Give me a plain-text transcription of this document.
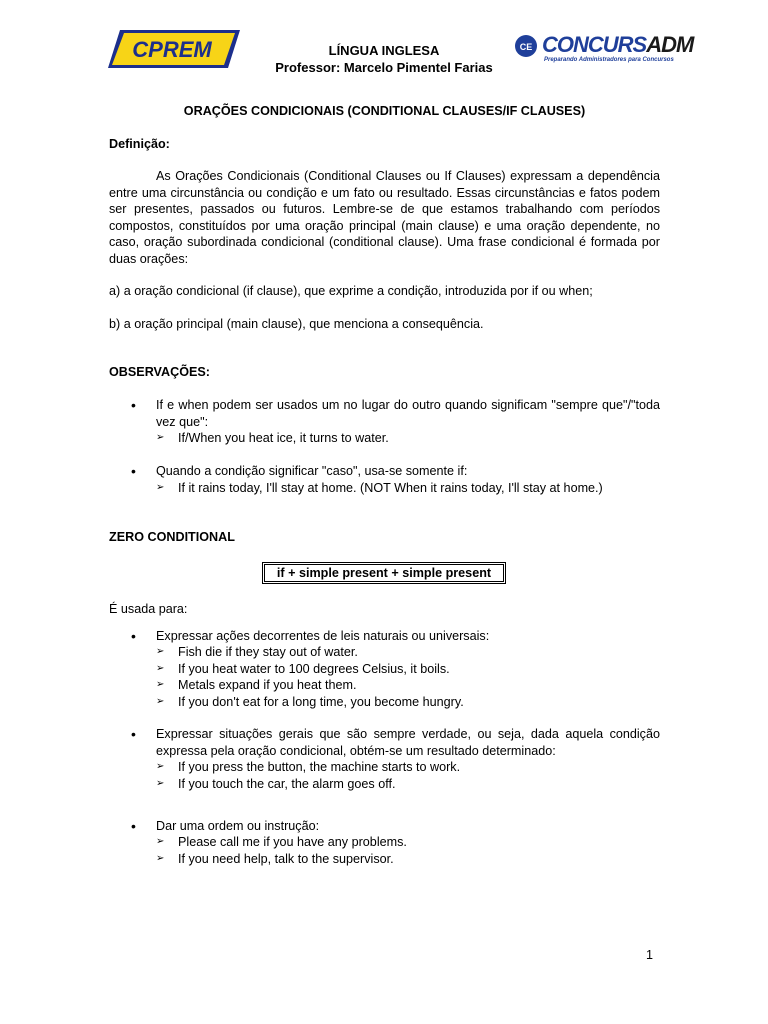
CPREM	LÍNGUA INGLESA
Professor: Marcelo Pimentel Farias
CE CONCURSADM
Preparando Administradores para Concursos
ORAÇÕES CONDICIONAIS (CONDITIONAL CLAUSES/IF CLAUSES)
Definição:
As Orações Condicionais (Conditional Clauses ou If Clauses) expressam a dependência entre uma circunstância ou condição e um fato ou resultado. Essas circunstâncias e fatos podem ser presentes, passados ou futuros. Lembre-se de que estamos trabalhando com períodos compostos, constituídos por uma oração principal (main clause) e uma oração dependente, no caso, oração subordinada condicional (conditional clause). Uma frase condicional é formada por duas orações:
a) a oração condicional (if clause), que exprime a condição, introduzida por if ou when;
b) a oração principal (main clause), que menciona a consequência.
OBSERVAÇÕES:
• If e when podem ser usados um no lugar do outro quando significam "sempre que"/"toda vez que":
➢ If/When you heat ice, it turns to water.
• Quando a condição significar "caso", usa-se somente if:
➢ If it rains today, I'll stay at home. (NOT When it rains today, I'll stay at home.)
ZERO CONDITIONAL
if + simple present + simple present
É usada para:
• Expressar ações decorrentes de leis naturais ou universais:
➢ Fish die if they stay out of water.
➢ If you heat water to 100 degrees Celsius, it boils.
➢ Metals expand if you heat them.
➢ If you don't eat for a long time, you become hungry.
• Expressar situações gerais que são sempre verdade, ou seja, dada aquela condição expressa pela oração condicional, obtém-se um resultado determinado:
➢ If you press the button, the machine starts to work.
➢ If you touch the car, the alarm goes off.
• Dar uma ordem ou instrução:
➢ Please call me if you have any problems.
➢ If you need help, talk to the supervisor.
1
